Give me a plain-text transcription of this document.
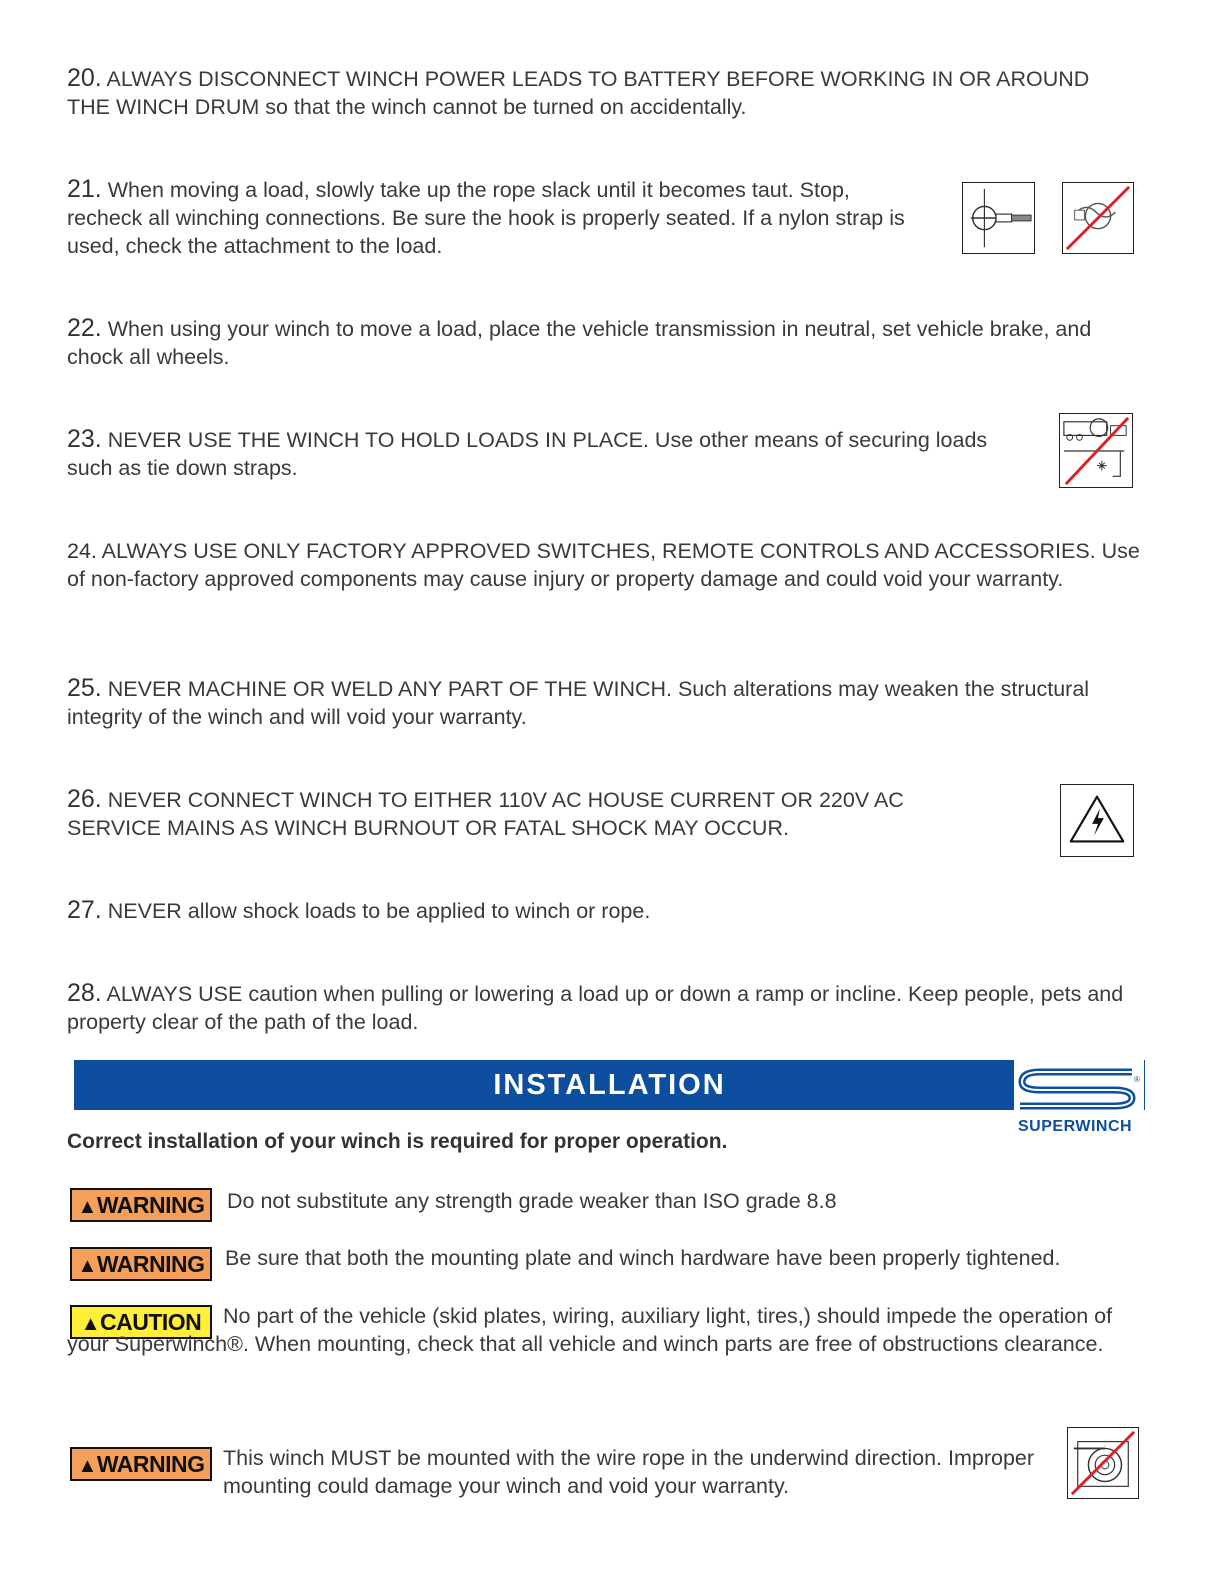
20. ALWAYS DISCONNECT WINCH POWER LEADS TO BATTERY BEFORE WORKING IN OR AROUND THE WINCH DRUM so that the winch cannot be turned on accidentally.
21. When moving a load, slowly take up the rope slack until it becomes taut. Stop, recheck all winching connections. Be sure the hook is properly seated. If a nylon strap is used, check the attachment to the load.
22. When using your winch to move a load, place the vehicle transmission in neutral, set vehicle brake, and chock all wheels.
23. NEVER USE THE WINCH TO HOLD LOADS IN PLACE. Use other means of securing loads such as tie down straps.
24. ALWAYS USE ONLY FACTORY APPROVED SWITCHES, REMOTE CONTROLS AND ACCESSORIES. Use of non-factory approved components may cause injury or property damage and could void your warranty.
25. NEVER MACHINE OR WELD ANY PART OF THE WINCH. Such alterations may weaken the structural integrity of the winch and will void your warranty.
26. NEVER CONNECT WINCH TO EITHER 110V AC HOUSE CURRENT OR 220V AC SERVICE MAINS AS WINCH BURNOUT OR FATAL SHOCK MAY OCCUR.
27. NEVER allow shock loads to be applied to winch or rope.
28. ALWAYS USE caution when pulling or lowering a load up or down a ramp or incline. Keep people, pets and property clear of the path of the load.
INSTALLATION	®
SUPERWINCH
Correct installation of your winch is required for proper operation.
▲WARNING	Do not substitute any strength grade weaker than ISO grade 8.8
▲WARNING Be sure that both the mounting plate and winch hardware have been properly tightened.
▲CAUTION	No part of the vehicle (skid plates, wiring, auxiliary light, tires,) should impede the operation of your Superwinch®. When mounting, check that all vehicle and winch parts are free of obstructions clearance.
▲WARNING This winch MUST be mounted with the wire rope in the underwind direction. Improper mounting could damage your winch and void your warranty.
